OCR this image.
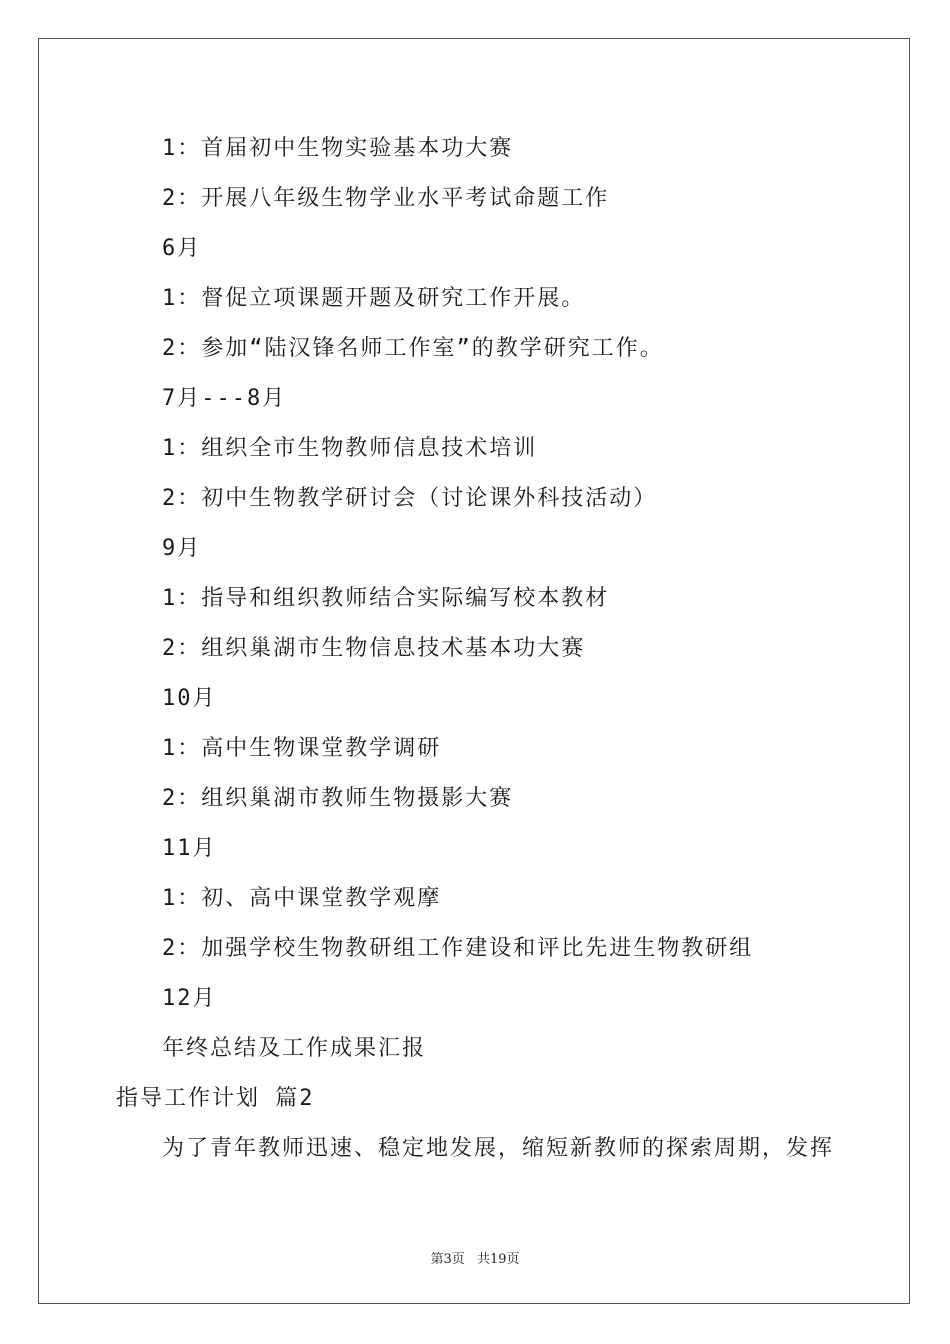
1：首届初中生物实验基本功大赛
2：开展八年级生物学业水平考试命题工作
6月
1：督促立项课题开题及研究工作开展。
2：参加“陆汉锋名师工作室”的教学研究工作。
7月---8月
1：组织全市生物教师信息技术培训
2：初中生物教学研讨会（讨论课外科技活动）
9月
1：指导和组织教师结合实际编写校本教材
2：组织巢湖市生物信息技术基本功大赛
10月
1：高中生物课堂教学调研
2：组织巢湖市教师生物摄影大赛
11月
1：初、高中课堂教学观摩
2：加强学校生物教研组工作建设和评比先进生物教研组
12月
年终总结及工作成果汇报
指导工作计划 篇2
为了青年教师迅速、稳定地发展，缩短新教师的探索周期，发挥
第3页 共19页
